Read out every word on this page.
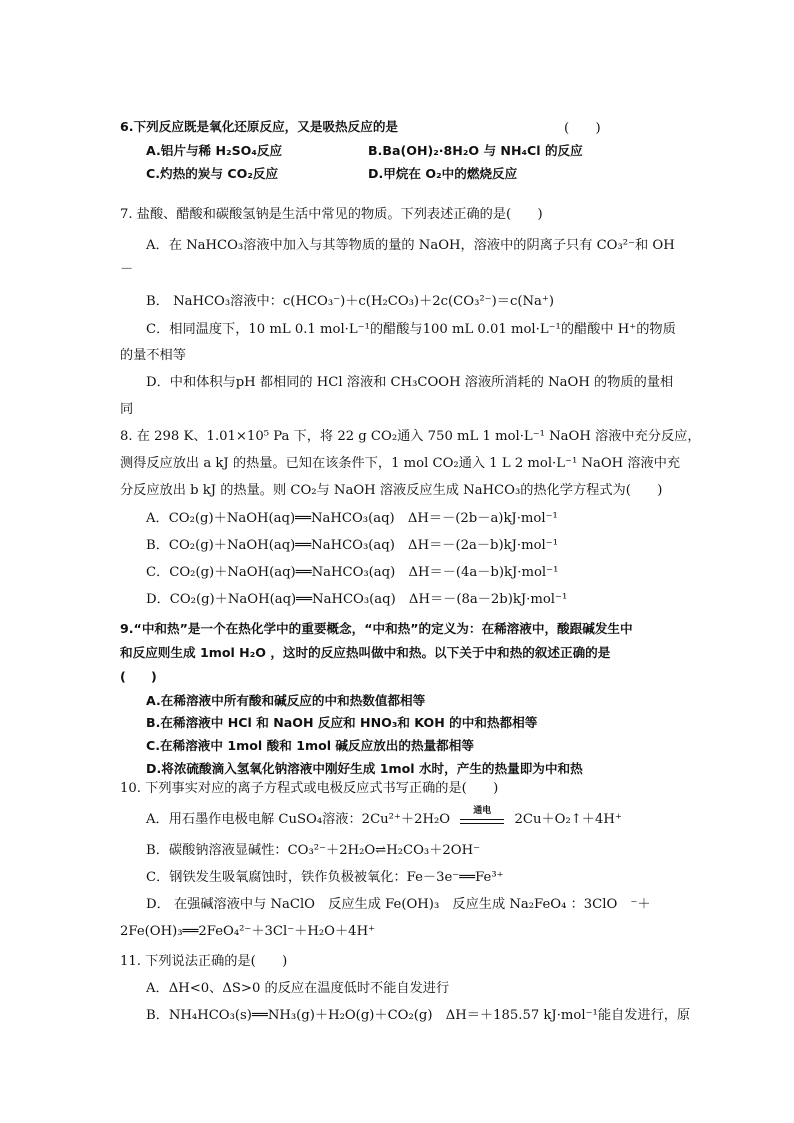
6.下列反应既是氧化还原反应，又是吸热反应的是	(　　)
A.铝片与稀 H₂SO₄反应	B.Ba(OH)₂·8H₂O 与 NH₄Cl 的反应
C.灼热的炭与 CO₂反应	D.甲烷在 O₂中的燃烧反应
7. 盐酸、醋酸和碳酸氢钠是生活中常见的物质。下列表述正确的是(　　)
A．在 NaHCO₃溶液中加入与其等物质的量的 NaOH，溶液中的阴离子只有 CO₃²⁻和 OH
－
B． NaHCO₃溶液中：c(HCO₃⁻)＋c(H₂CO₃)＋2c(CO₃²⁻)＝c(Na⁺)
C．相同温度下，10 mL 0.1 mol·L⁻¹的醋酸与100 mL 0.01 mol·L⁻¹的醋酸中 H⁺的物质
的量不相等
D．中和体积与pH 都相同的 HCl 溶液和 CH₃COOH 溶液所消耗的 NaOH 的物质的量相
同
8. 在 298 K、1.01×10⁵ Pa 下，将 22 g CO₂通入 750 mL 1 mol·L⁻¹ NaOH 溶液中充分反应，
测得反应放出 a kJ 的热量。已知在该条件下，1 mol CO₂通入 1 L 2 mol·L⁻¹ NaOH 溶液中充
分反应放出 b kJ 的热量。则 CO₂与 NaOH 溶液反应生成 NaHCO₃的热化学方程式为(　　)
A．CO₂(g)＋NaOH(aq)══NaHCO₃(aq)　ΔH＝－(2b－a)kJ·mol⁻¹
B．CO₂(g)＋NaOH(aq)══NaHCO₃(aq)　ΔH＝－(2a－b)kJ·mol⁻¹
C．CO₂(g)＋NaOH(aq)══NaHCO₃(aq)　ΔH＝－(4a－b)kJ·mol⁻¹
D．CO₂(g)＋NaOH(aq)══NaHCO₃(aq)　ΔH＝－(8a－2b)kJ·mol⁻¹
9.“中和热”是一个在热化学中的重要概念，“中和热”的定义为：在稀溶液中，酸跟碱发生中
和反应则生成 1mol H₂O ，这时的反应热叫做中和热。以下关于中和热的叙述正确的是
(　　)
A.在稀溶液中所有酸和碱反应的中和热数值都相等
B.在稀溶液中 HCl 和 NaOH 反应和 HNO₃和 KOH 的中和热都相等
C.在稀溶液中 1mol 酸和 1mol 碱反应放出的热量都相等
D.将浓硫酸滴入氢氧化钠溶液中刚好生成 1mol 水时，产生的热量即为中和热
10. 下列事实对应的离子方程式或电极反应式书写正确的是(　　)
A．用石墨作电极电解 CuSO₄溶液：2Cu²⁺＋2H₂O
通电
2Cu＋O₂↑＋4H⁺
B．碳酸钠溶液显碱性：CO₃²⁻＋2H₂O⇌H₂CO₃＋2OH⁻
C．钢铁发生吸氧腐蚀时，铁作负极被氧化：Fe－3e⁻══Fe³⁺
D． 在强碱溶液中与 NaClO　反应生成 Fe(OH)₃　反应生成 Na₂FeO₄ ：3ClO　⁻＋
2Fe(OH)₃══2FeO₄²⁻＋3Cl⁻＋H₂O＋4H⁺
11. 下列说法正确的是(　　)
A．ΔH<0、ΔS>0 的反应在温度低时不能自发进行
B．NH₄HCO₃(s)══NH₃(g)＋H₂O(g)＋CO₂(g)　ΔH＝＋185.57 kJ·mol⁻¹能自发进行，原
